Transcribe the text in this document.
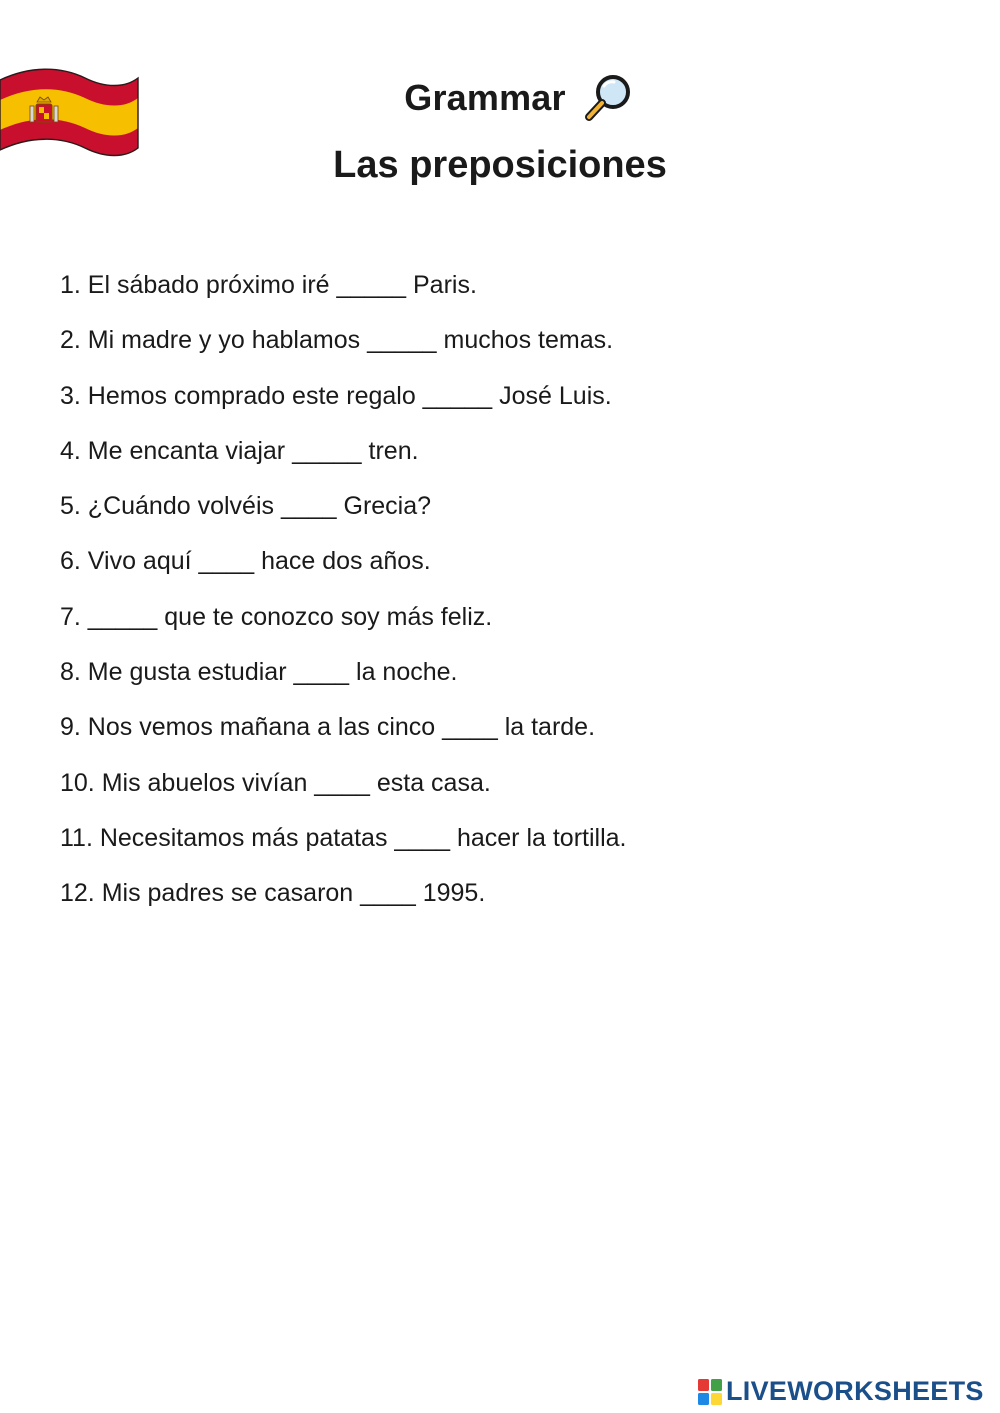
Grammar
Las preposiciones
1. El sábado próximo iré _____ Paris.
2. Mi madre y yo hablamos _____ muchos temas.
3. Hemos comprado este regalo _____ José Luis.
4. Me encanta viajar _____ tren.
5. ¿Cuándo volvéis ____ Grecia?
6. Vivo aquí ____ hace dos años.
7. _____ que te conozco soy más feliz.
8. Me gusta estudiar ____ la noche.
9. Nos vemos mañana a las cinco ____ la tarde.
10. Mis abuelos vivían ____ esta casa.
11. Necesitamos más patatas ____ hacer la tortilla.
12. Mis padres se casaron ____ 1995.
LIVEWORKSHEETS
